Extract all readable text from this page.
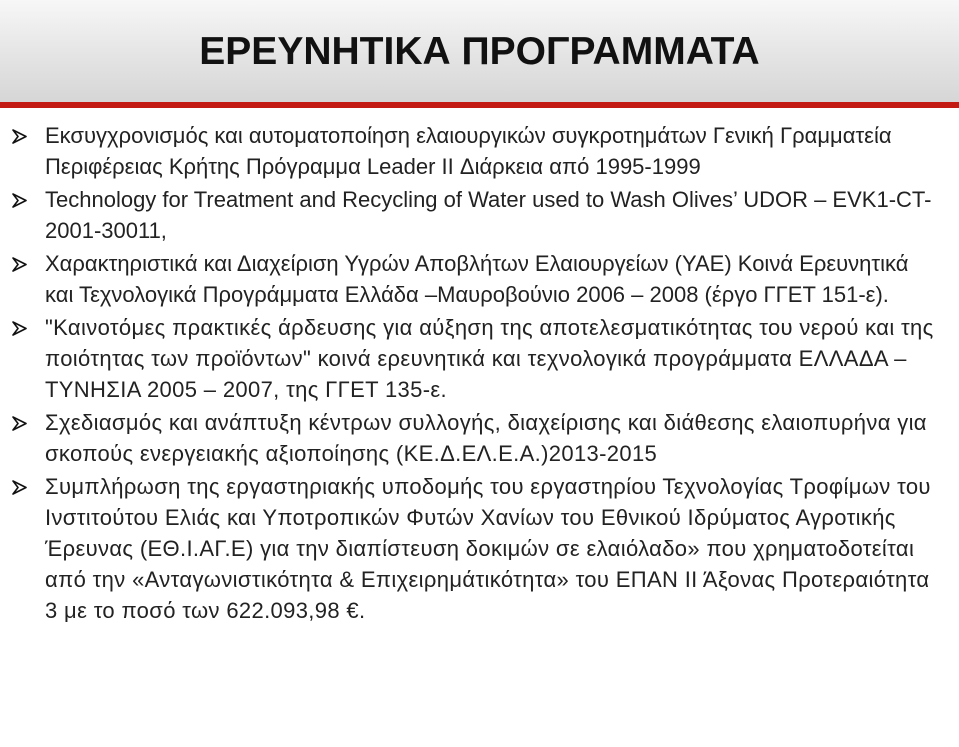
ΕΡΕΥΝΗΤΙΚΑ ΠΡΟΓΡΑΜΜΑΤΑ
Εκσυγχρονισμός και αυτοματοποίηση ελαιουργικών συγκροτημάτων Γενική Γραμματεία Περιφέρειας Κρήτης Πρόγραμμα Leader II Διάρκεια από 1995-1999
Technology for Treatment and Recycling of Water used to Wash Olives’ UDOR – EVK1-CT-2001-30011,
Χαρακτηριστικά και Διαχείριση Υγρών Αποβλήτων Ελαιουργείων (ΥΑΕ) Κοινά Ερευνητικά και Τεχνολογικά Προγράμματα Ελλάδα –Μαυροβούνιο 2006 – 2008 (έργο ΓΓΕΤ 151-ε).
"Καινοτόμες πρακτικές άρδευσης για αύξηση της αποτελεσματικότητας του νερού και της ποιότητας των προϊόντων" κοινά ερευνητικά και τεχνολογικά προγράμματα ΕΛΛΑΔΑ – ΤΥΝΗΣΙΑ 2005 – 2007, της ΓΓΕΤ 135-ε.
Σχεδιασμός και ανάπτυξη κέντρων συλλογής, διαχείρισης και διάθεσης ελαιοπυρήνα για σκοπούς ενεργειακής αξιοποίησης (ΚΕ.Δ.ΕΛ.Ε.Α.)2013-2015
Συμπλήρωση της εργαστηριακής υποδομής του εργαστηρίου Τεχνολογίας Τροφίμων του Ινστιτούτου Ελιάς και Υποτροπικών Φυτών Χανίων του Εθνικού Ιδρύματος Αγροτικής Έρευνας (ΕΘ.Ι.ΑΓ.Ε) για την διαπίστευση δοκιμών σε ελαιόλαδο» που χρηματοδοτείται από την «Ανταγωνιστικότητα & Επιχειρημάτικότητα» του ΕΠΑΝ ΙΙ Άξονας Προτεραιότητα 3 με το ποσό των 622.093,98 €.
